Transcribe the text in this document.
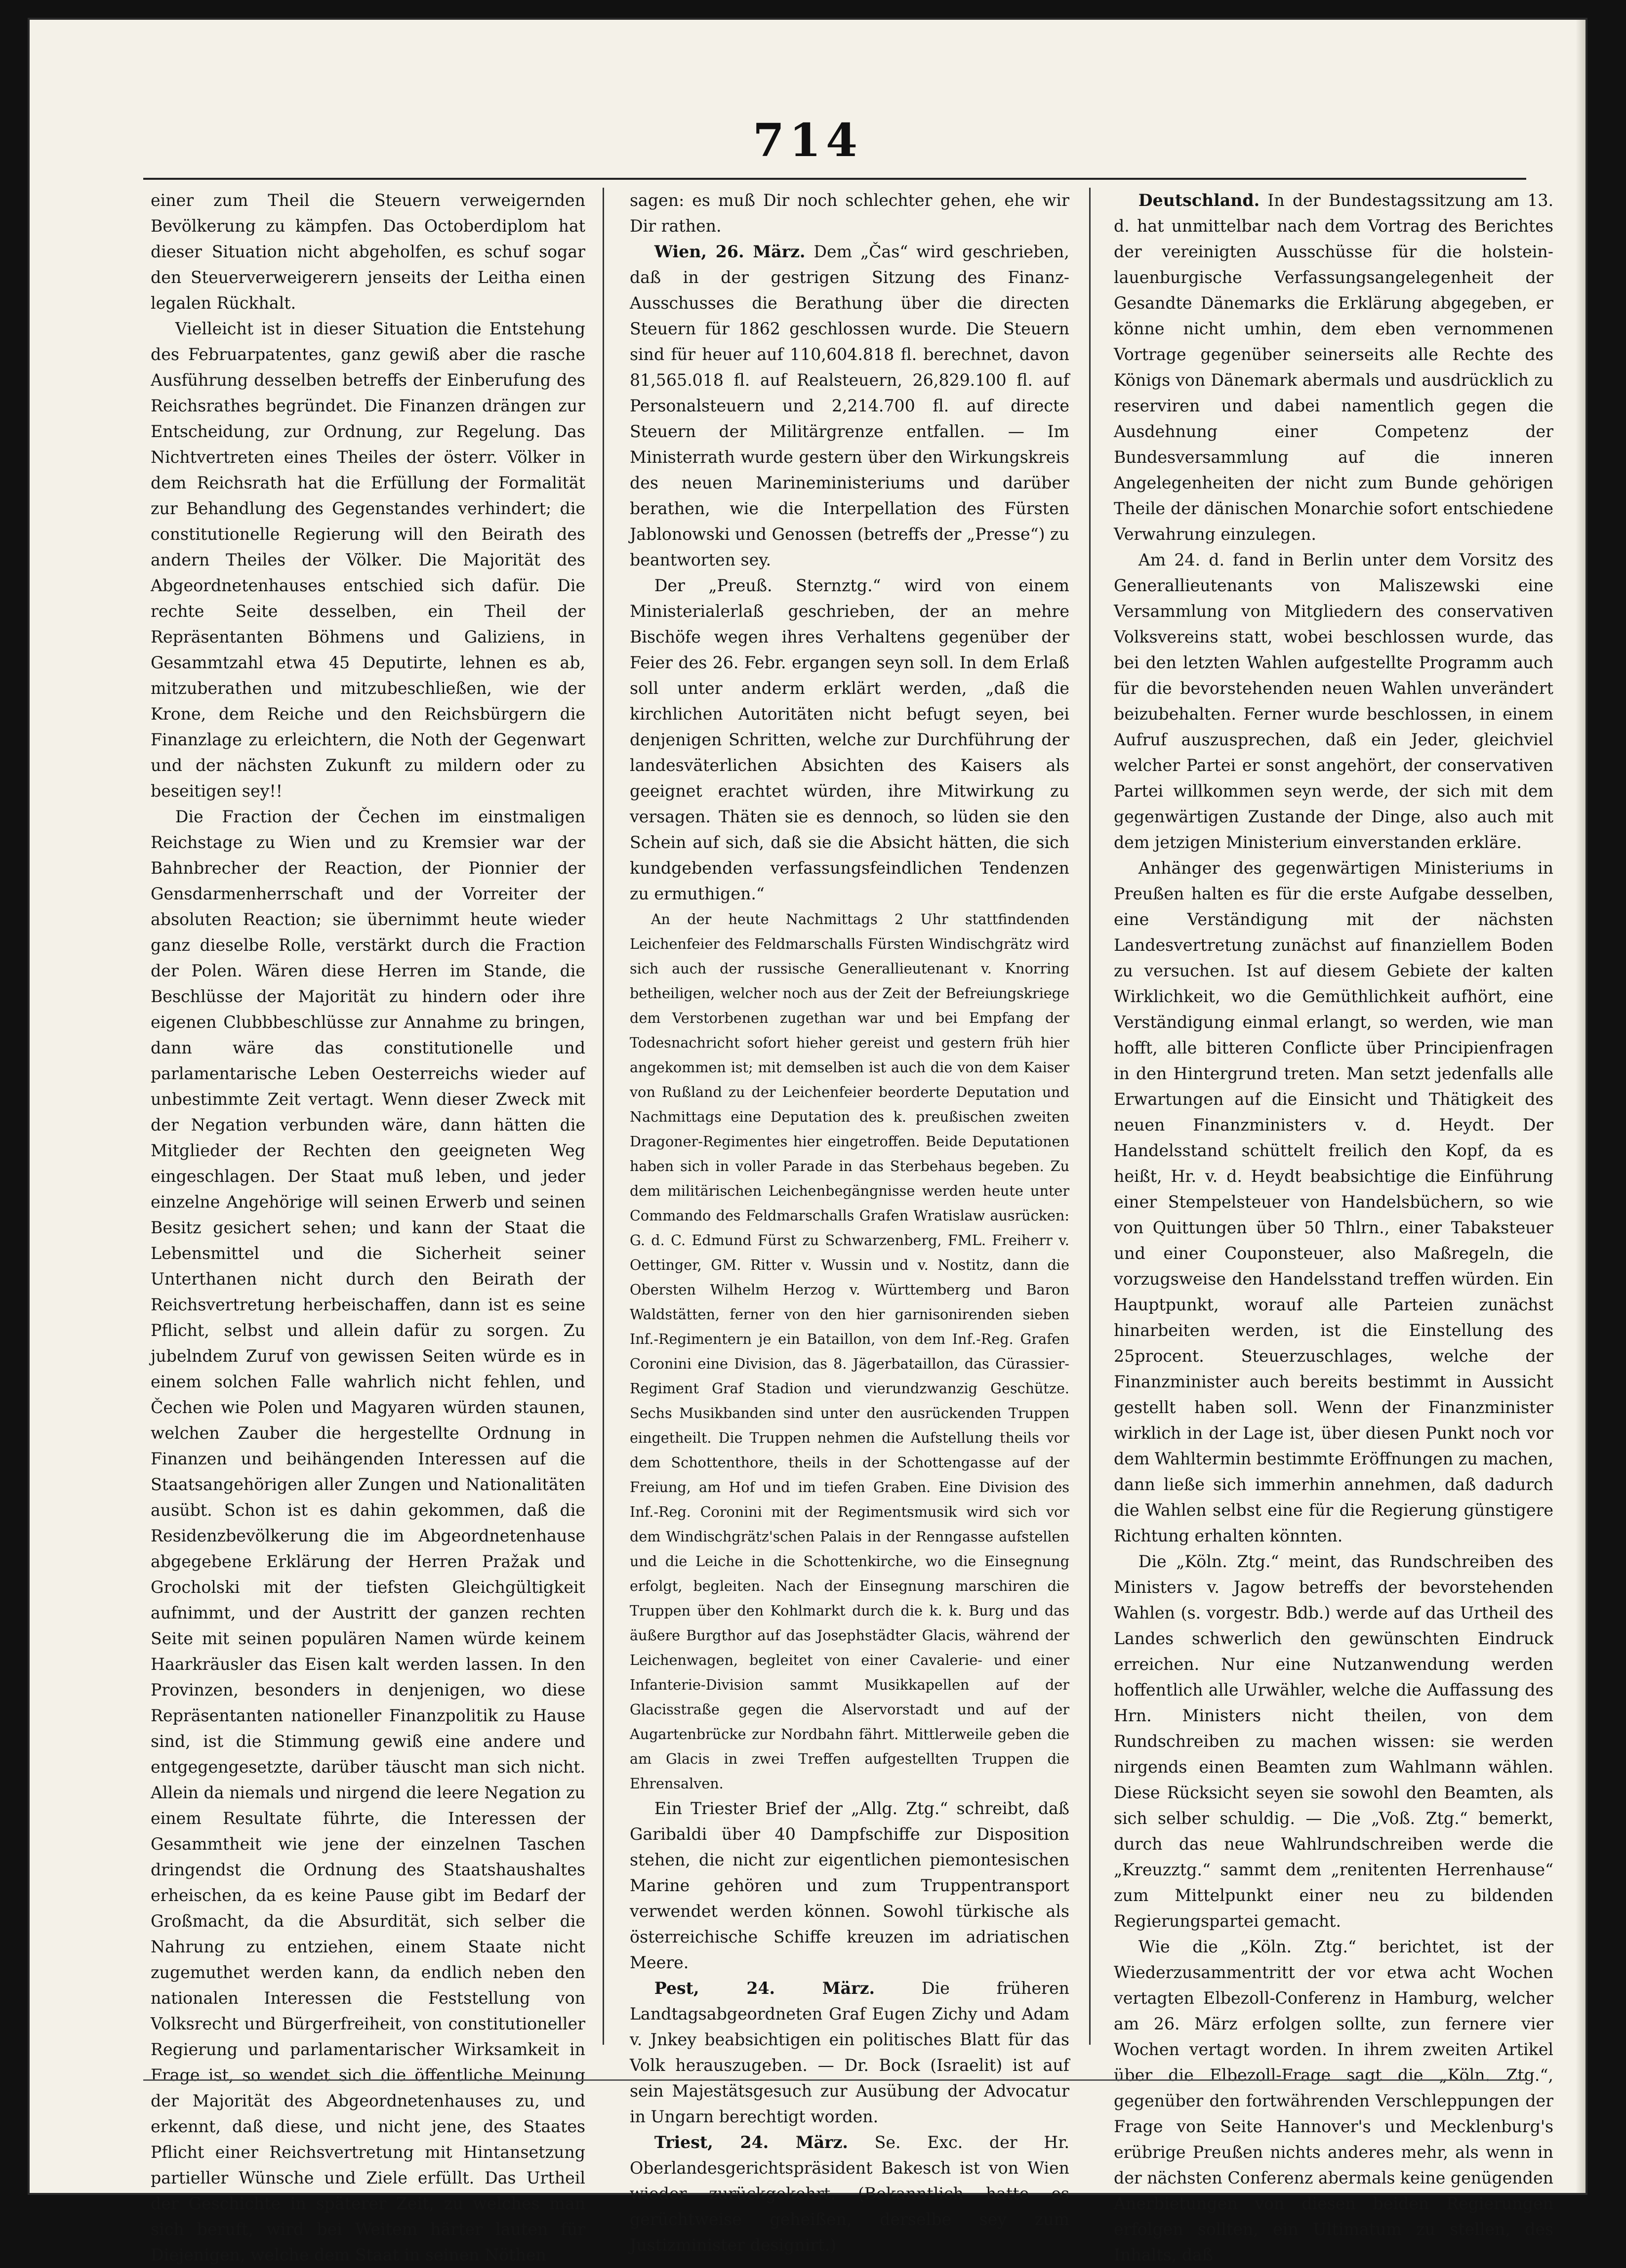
714

einer zum Theil die Steuern verweigernden Bevölkerung zu kämpfen. Das Octoberdiplom hat dieser Situation nicht abgeholfen, es schuf sogar den Steuerverweigerern jenseits der Leitha einen legalen Rückhalt.

Vielleicht ist in dieser Situation die Entstehung des Februarpatentes, ganz gewiß aber die rasche Ausführung desselben betreffs der Einberufung des Reichsrathes begründet. Die Finanzen drängen zur Entscheidung, zur Ordnung, zur Regelung. Das Nichtvertreten eines Theiles der österr. Völker in dem Reichsrath hat die Erfüllung der Formalität zur Behandlung des Gegenstandes verhindert; die constitutionelle Regierung will den Beirath des andern Theiles der Völker. Die Majorität des Abgeordnetenhauses entschied sich dafür. Die rechte Seite desselben, ein Theil der Repräsentanten Böhmens und Galiziens, in Gesammtzahl etwa 45 Deputirte, lehnen es ab, mitzuberathen und mitzubeschließen, wie der Krone, dem Reiche und den Reichsbürgern die Finanzlage zu erleichtern, die Noth der Gegenwart und der nächsten Zukunft zu mildern oder zu beseitigen sey!!

Die Fraction der Čechen im einstmaligen Reichstage zu Wien und zu Kremsier war der Bahnbrecher der Reaction, der Pionnier der Gensdarmenherrschaft und der Vorreiter der absoluten Reaction; sie übernimmt heute wieder ganz dieselbe Rolle, verstärkt durch die Fraction der Polen. Wären diese Herren im Stande, die Beschlüsse der Majorität zu hindern oder ihre eigenen Clubbbeschlüsse zur Annahme zu bringen, dann wäre das constitutionelle und parlamentarische Leben Oesterreichs wieder auf unbestimmte Zeit vertagt. Wenn dieser Zweck mit der Negation verbunden wäre, dann hätten die Mitglieder der Rechten den geeigneten Weg eingeschlagen. Der Staat muß leben, und jeder einzelne Angehörige will seinen Erwerb und seinen Besitz gesichert sehen; und kann der Staat die Lebensmittel und die Sicherheit seiner Unterthanen nicht durch den Beirath der Reichsvertretung herbeischaffen, dann ist es seine Pflicht, selbst und allein dafür zu sorgen. Zu jubelndem Zuruf von gewissen Seiten würde es in einem solchen Falle wahrlich nicht fehlen, und Čechen wie Polen und Magyaren würden staunen, welchen Zauber die hergestellte Ordnung in Finanzen und beihängenden Interessen auf die Staatsangehörigen aller Zungen und Nationalitäten ausübt. Schon ist es dahin gekommen, daß die Residenzbevölkerung die im Abgeordnetenhause abgegebene Erklärung der Herren Pražak und Grocholski mit der tiefsten Gleichgültigkeit aufnimmt, und der Austritt der ganzen rechten Seite mit seinen populären Namen würde keinem Haarkräusler das Eisen kalt werden lassen. In den Provinzen, besonders in denjenigen, wo diese Repräsentanten nationeller Finanzpolitik zu Hause sind, ist die Stimmung gewiß eine andere und entgegengesetzte, darüber täuscht man sich nicht. Allein da niemals und nirgend die leere Negation zu einem Resultate führte, die Interessen der Gesammtheit wie jene der einzelnen Taschen dringendst die Ordnung des Staatshaushaltes erheischen, da es keine Pause gibt im Bedarf der Großmacht, da die Absurdität, sich selber die Nahrung zu entziehen, einem Staate nicht zugemuthet werden kann, da endlich neben den nationalen Interessen die Feststellung von Volksrecht und Bürgerfreiheit, von constitutioneller Regierung und parlamentarischer Wirksamkeit in Frage ist, so wendet sich die öffentliche Meinung der Majorität des Abgeordnetenhauses zu, und erkennt, daß diese, und nicht jene, des Staates Pflicht einer Reichsvertretung mit Hintansetzung partieller Wünsche und Ziele erfüllt. Das Urtheil der Geschichte in späterer Zeit, zu welches man sich beruft, wird bei Weitem härter lauten für Diejenigen, welche dem Staat in seinen Nöthen

sagen: es muß Dir noch schlechter gehen, ehe wir Dir rathen.

Wien, 26. März. Dem „Čas“ wird geschrieben, daß in der gestrigen Sitzung des Finanz-Ausschusses die Berathung über die directen Steuern für 1862 geschlossen wurde. Die Steuern sind für heuer auf 110,604.818 fl. berechnet, davon 81,565.018 fl. auf Realsteuern, 26,829.100 fl. auf Personalsteuern und 2,214.700 fl. auf directe Steuern der Militärgrenze entfallen. — Im Ministerrath wurde gestern über den Wirkungskreis des neuen Marineministeriums und darüber berathen, wie die Interpellation des Fürsten Jablonowski und Genossen (betreffs der „Presse“) zu beantworten sey.

Der „Preuß. Sternztg.“ wird von einem Ministerialerlaß geschrieben, der an mehre Bischöfe wegen ihres Verhaltens gegenüber der Feier des 26. Febr. ergangen seyn soll. In dem Erlaß soll unter anderm erklärt werden, „daß die kirchlichen Autoritäten nicht befugt seyen, bei denjenigen Schritten, welche zur Durchführung der landesväterlichen Absichten des Kaisers als geeignet erachtet würden, ihre Mitwirkung zu versagen. Thäten sie es dennoch, so lüden sie den Schein auf sich, daß sie die Absicht hätten, die sich kundgebenden verfassungsfeindlichen Tendenzen zu ermuthigen.“

An der heute Nachmittags 2 Uhr stattfindenden Leichenfeier des Feldmarschalls Fürsten Windischgrätz wird sich auch der russische Generallieutenant v. Knorring betheiligen, welcher noch aus der Zeit der Befreiungskriege dem Verstorbenen zugethan war und bei Empfang der Todesnachricht sofort hieher gereist und gestern früh hier angekommen ist; mit demselben ist auch die von dem Kaiser von Rußland zu der Leichenfeier beorderte Deputation und Nachmittags eine Deputation des k. preußischen zweiten Dragoner-Regimentes hier eingetroffen. Beide Deputationen haben sich in voller Parade in das Sterbehaus begeben. Zu dem militärischen Leichenbegängnisse werden heute unter Commando des Feldmarschalls Grafen Wratislaw ausrücken: G. d. C. Edmund Fürst zu Schwarzenberg, FML. Freiherr v. Oettinger, GM. Ritter v. Wussin und v. Nostitz, dann die Obersten Wilhelm Herzog v. Württemberg und Baron Waldstätten, ferner von den hier garnisonirenden sieben Inf.-Regimentern je ein Bataillon, von dem Inf.-Reg. Grafen Coronini eine Division, das 8. Jägerbataillon, das Cürassier-Regiment Graf Stadion und vierundzwanzig Geschütze. Sechs Musikbanden sind unter den ausrückenden Truppen eingetheilt. Die Truppen nehmen die Aufstellung theils vor dem Schottenthore, theils in der Schottengasse auf der Freiung, am Hof und im tiefen Graben. Eine Division des Inf.-Reg. Coronini mit der Regimentsmusik wird sich vor dem Windischgrätz'schen Palais in der Renngasse aufstellen und die Leiche in die Schottenkirche, wo die Einsegnung erfolgt, begleiten. Nach der Einsegnung marschiren die Truppen über den Kohlmarkt durch die k. k. Burg und das äußere Burgthor auf das Josephstädter Glacis, während der Leichenwagen, begleitet von einer Cavalerie- und einer Infanterie-Division sammt Musikkapellen auf der Glacisstraße gegen die Alservorstadt und auf der Augartenbrücke zur Nordbahn fährt. Mittlerweile geben die am Glacis in zwei Treffen aufgestellten Truppen die Ehrensalven.

Ein Triester Brief der „Allg. Ztg.“ schreibt, daß Garibaldi über 40 Dampfschiffe zur Disposition stehen, die nicht zur eigentlichen piemontesischen Marine gehören und zum Truppentransport verwendet werden können. Sowohl türkische als österreichische Schiffe kreuzen im adriatischen Meere.

Pest, 24. März. Die früheren Landtagsabgeordneten Graf Eugen Zichy und Adam v. Jnkey beabsichtigen ein politisches Blatt für das Volk herauszugeben. — Dr. Bock (Israelit) ist auf sein Majestätsgesuch zur Ausübung der Advocatur in Ungarn berechtigt worden.

Triest, 24. März. Se. Exc. der Hr. Oberlandesgerichtspräsident Bakesch ist von Wien wieder zurückgekehrt. (Bekanntlich hatte es gerüchtweise geheißen, derselbe sey zum Justizminister designirt.)

Deutschland. In der Bundestagssitzung am 13. d. hat unmittelbar nach dem Vortrag des Berichtes der vereinigten Ausschüsse für die holstein-lauenburgische Verfassungsangelegenheit der Gesandte Dänemarks die Erklärung abgegeben, er könne nicht umhin, dem eben vernommenen Vortrage gegenüber seinerseits alle Rechte des Königs von Dänemark abermals und ausdrücklich zu reserviren und dabei namentlich gegen die Ausdehnung einer Competenz der Bundesversammlung auf die inneren Angelegenheiten der nicht zum Bunde gehörigen Theile der dänischen Monarchie sofort entschiedene Verwahrung einzulegen.

Am 24. d. fand in Berlin unter dem Vorsitz des Generallieutenants von Maliszewski eine Versammlung von Mitgliedern des conservativen Volksvereins statt, wobei beschlossen wurde, das bei den letzten Wahlen aufgestellte Programm auch für die bevorstehenden neuen Wahlen unverändert beizubehalten. Ferner wurde beschlossen, in einem Aufruf auszusprechen, daß ein Jeder, gleichviel welcher Partei er sonst angehört, der conservativen Partei willkommen seyn werde, der sich mit dem gegenwärtigen Zustande der Dinge, also auch mit dem jetzigen Ministerium einverstanden erkläre.

Anhänger des gegenwärtigen Ministeriums in Preußen halten es für die erste Aufgabe desselben, eine Verständigung mit der nächsten Landesvertretung zunächst auf finanziellem Boden zu versuchen. Ist auf diesem Gebiete der kalten Wirklichkeit, wo die Gemüthlichkeit aufhört, eine Verständigung einmal erlangt, so werden, wie man hofft, alle bitteren Conflicte über Principienfragen in den Hintergrund treten. Man setzt jedenfalls alle Erwartungen auf die Einsicht und Thätigkeit des neuen Finanzministers v. d. Heydt. Der Handelsstand schüttelt freilich den Kopf, da es heißt, Hr. v. d. Heydt beabsichtige die Einführung einer Stempelsteuer von Handelsbüchern, so wie von Quittungen über 50 Thlrn., einer Tabaksteuer und einer Couponsteuer, also Maßregeln, die vorzugsweise den Handelsstand treffen würden. Ein Hauptpunkt, worauf alle Parteien zunächst hinarbeiten werden, ist die Einstellung des 25procent. Steuerzuschlages, welche der Finanzminister auch bereits bestimmt in Aussicht gestellt haben soll. Wenn der Finanzminister wirklich in der Lage ist, über diesen Punkt noch vor dem Wahltermin bestimmte Eröffnungen zu machen, dann ließe sich immerhin annehmen, daß dadurch die Wahlen selbst eine für die Regierung günstigere Richtung erhalten könnten.

Die „Köln. Ztg.“ meint, das Rundschreiben des Ministers v. Jagow betreffs der bevorstehenden Wahlen (s. vorgestr. Bdb.) werde auf das Urtheil des Landes schwerlich den gewünschten Eindruck erreichen. Nur eine Nutzanwendung werden hoffentlich alle Urwähler, welche die Auffassung des Hrn. Ministers nicht theilen, von dem Rundschreiben zu machen wissen: sie werden nirgends einen Beamten zum Wahlmann wählen. Diese Rücksicht seyen sie sowohl den Beamten, als sich selber schuldig. — Die „Voß. Ztg.“ bemerkt, durch das neue Wahlrundschreiben werde die „Kreuzztg.“ sammt dem „renitenten Herrenhause“ zum Mittelpunkt einer neu zu bildenden Regierungspartei gemacht.

Wie die „Köln. Ztg.“ berichtet, ist der Wiederzusammentritt der vor etwa acht Wochen vertagten Elbezoll-Conferenz in Hamburg, welcher am 26. März erfolgen sollte, zun fernere vier Wochen vertagt worden. In ihrem zweiten Artikel über die Elbezoll-Frage sagt die „Köln. Ztg.“, gegenüber den fortwährenden Verschleppungen der Frage von Seite Hannover's und Mecklenburg's erübrige Preußen nichts anderes mehr, als wenn in der nächsten Conferenz abermals keine genügenden Anerbietungen von diesen beiden Regierungen erfolgen sollten, ein Ultimatum zu stellen, des Inhalts, daß
